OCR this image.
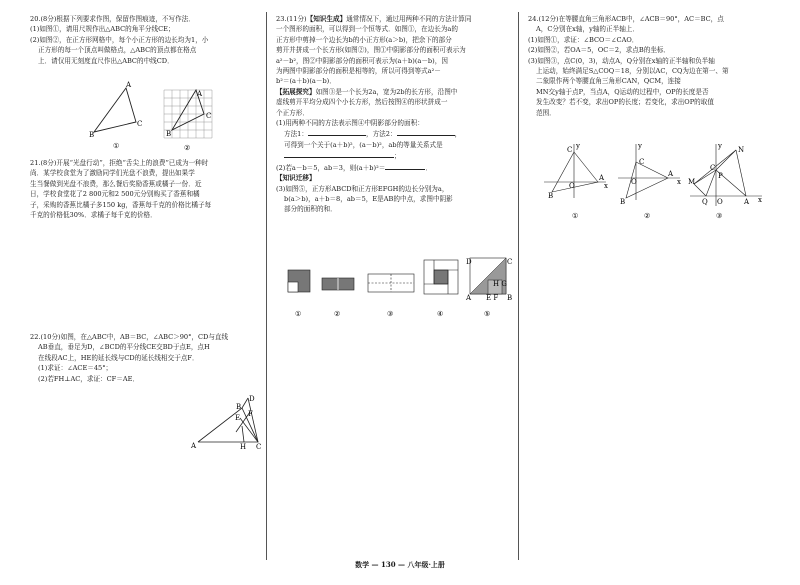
20.(8分)根据下列要求作图，保留作图痕迹，不写作法．

(1)如图①，请用尺规作出△ABC的角平分线CE；

(2)如图②，在正方形网格中，每个小正方形的边长均为1，小

正方形的每一个顶点叫做格点，△ABC的顶点都在格点

上．请仅用无刻度直尺作出△ABC的中线CD．

A
B
C
①
A
B
C
②

21.(8分)开展“光盘行动”，拒绝“舌尖上的浪费”已成为一种时

尚．某学校食堂为了激励同学们光盘不浪费，提出如果学

生当餐做到光盘不浪费，那么餐后奖励香蕉或橘子一份．近

日，学校食堂花了2 800元和2 500元分别购买了香蕉和橘

子，采购的香蕉比橘子多150 kg，香蕉每千克的价格比橘子每

千克的价格低30%．求橘子每千克的价格．

22.(10分)如图，在△ABC中，AB＝BC，∠ABC＞90°，CD与直线

AB垂直，垂足为D，∠BCD的平分线CE交BD于点E，点H

在线段AC上，HE的延长线与CD的延长线相交于点F．

(1)求证：∠ACE＝45°；

(2)若FH⊥AC，求证：CF＝AE．

A
B
C
D
E F
H

23.(11分)【知识生成】通常情况下，通过用两种不同的方法计算同

一个图形的面积，可以得到一个恒等式．如图①，在边长为a的

正方形中剪掉一个边长为b的小正方形(a＞b)，把余下的部分

剪开并拼成一个长方形(如图②)，图①中阴影部分的面积可表示为

a²－b²，图②中阴影部分的面积可表示为(a＋b)(a－b)，因

为两图中阴影部分的面积是相等的，所以可得到等式a²－

b²＝(a＋b)(a－b)．

【拓展探究】如图③是一个长为2a，宽为2b的长方形，沿图中

虚线剪开平均分成四个小长方形，然后按图④的形状拼成一

个正方形．

(1)用两种不同的方法表示图④中阴影部分的面积：

方法1：	，方法2：	，

可得到一个关于(a＋b)²，(a－b)²，ab的等量关系式是

；

(2)若a－b＝5，ab＝3，则(a＋b)²＝	．

【知识迁移】

(3)如图⑤，正方形ABCD和正方形EFGH的边长分别为a，

b(a＞b)，a＋b＝8，ab＝5，E是AB的中点，求图中阴影

部分的面积的和．

D	C
A	B
E F
H G
①	②	③	④	⑤

24.(12分)在等腰直角三角形ACB中，∠ACB＝90°，AC＝BC，点

A，C分别在x轴，y轴的正半轴上．

(1)如图①，求证：∠BCO＝∠CAO．

(2)如图②，若OA＝5，OC＝2，求点B的坐标．

(3)如图③，点C(0，3)，动点A，Q分别在x轴的正半轴和负半轴

上运动，始终满足S△COQ＝18，分别以AC，CQ为边在第一、第

二象限作两个等腰直角三角形CAN，QCM，连接

MN交y轴于点P，当点A，Q运动的过程中，OP的长度是否

发生改变？若不变，求出OP的长度；若变化，求出OP的取值

范围．

y
C
A
x
O
B
y
C
A
x
O
B
y N
M
P
C
Q O	A x
①	②	③
数学 — 130 — 八年级·上册
